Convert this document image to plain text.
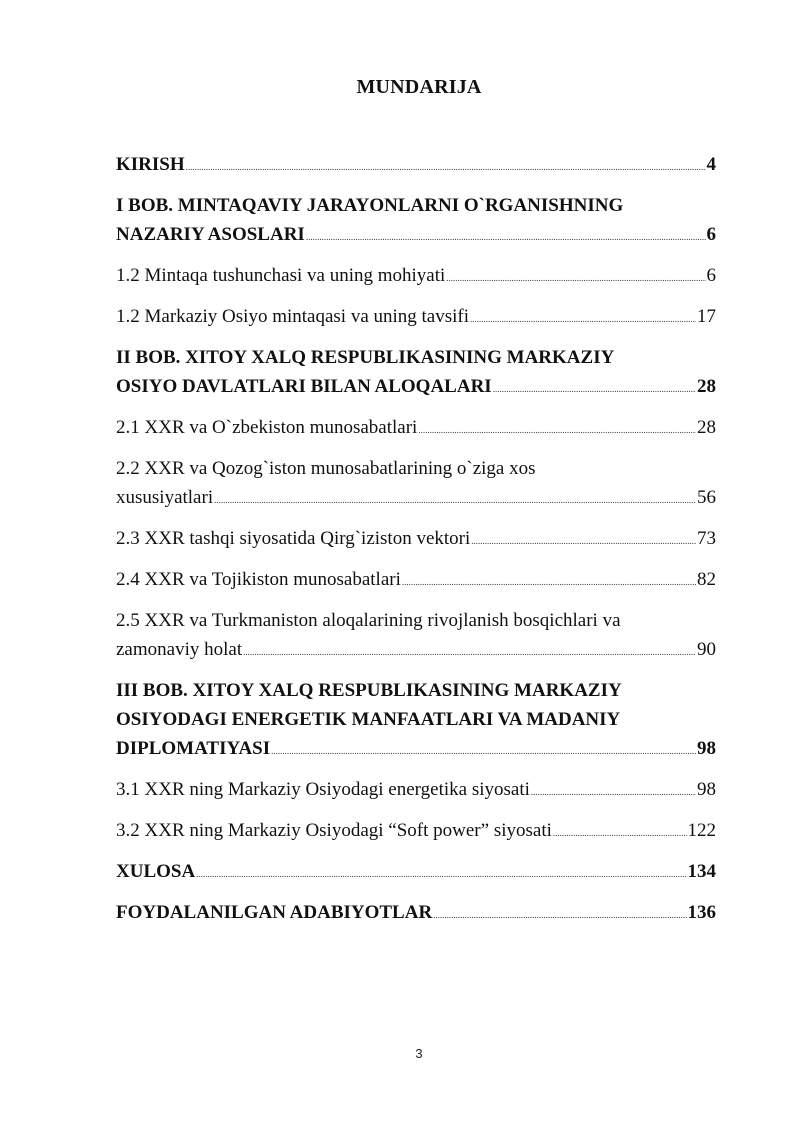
MUNDARIJA
KIRISH .....	4
I BOB. MINTAQAVIY JARAYONLARNI O`RGANISHNING
NAZARIY ASOSLARI .....	6
1.2 Mintaqa tushunchasi va uning mohiyati .....	6
1.2 Markaziy Osiyo mintaqasi va uning tavsifi .....	17
II BOB. XITOY XALQ RESPUBLIKASINING MARKAZIY
OSIYO DAVLATLARI BILAN ALOQALARI .....	28
2.1 XXR va O`zbekiston munosabatlari .....	28
2.2 XXR va Qozog`iston munosabatlarining o`ziga xos
xususiyatlari .....	56
2.3 XXR tashqi siyosatida Qirg`iziston vektori .....	73
2.4 XXR va Tojikiston munosabatlari .....	82
2.5 XXR va Turkmaniston aloqalarining rivojlanish bosqichlari va
zamonaviy holat .....	90
III BOB. XITOY XALQ RESPUBLIKASINING MARKAZIY
OSIYODAGI ENERGETIK MANFAATLARI VA MADANIY
DIPLOMATIYASI .....	98
3.1 XXR ning Markaziy Osiyodagi energetika siyosati .....	98
3.2 XXR ning Markaziy Osiyodagi “Soft power” siyosati .....	122
XULOSA .....	134
FOYDALANILGAN ADABIYOTLAR .....	136
3
